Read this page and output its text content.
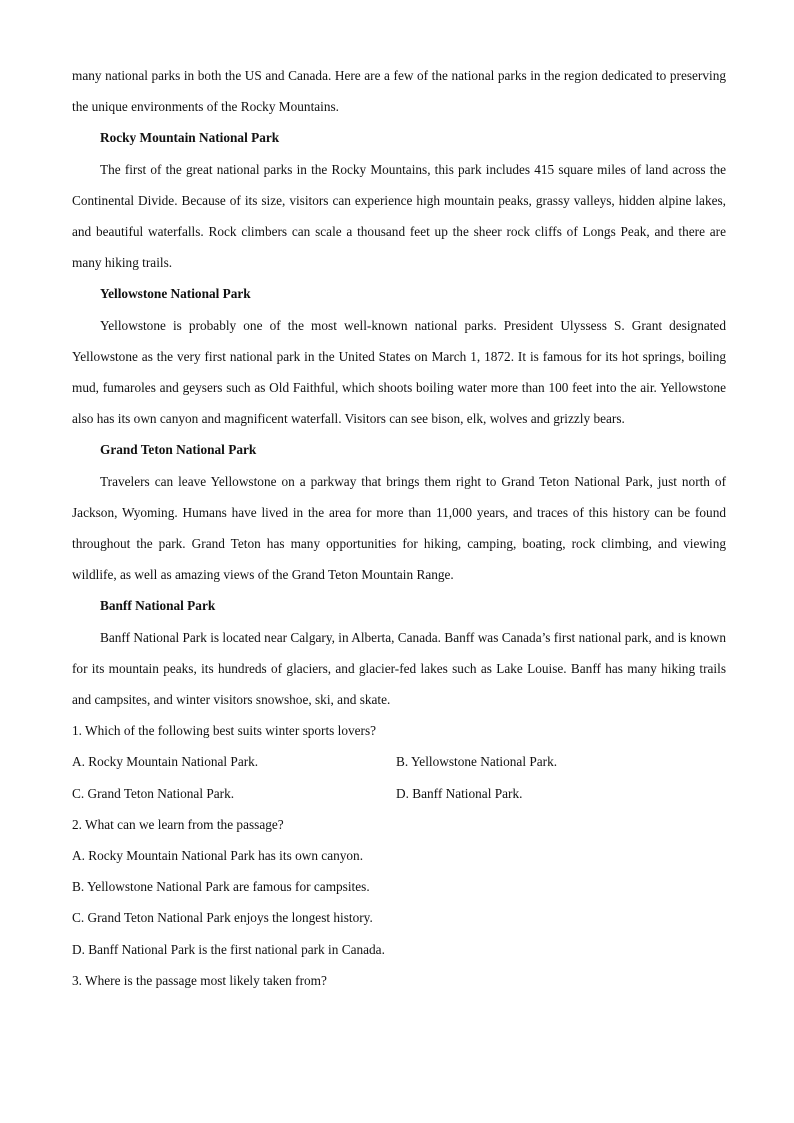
many national parks in both the US and Canada. Here are a few of the national parks in the region dedicated to preserving the unique environments of the Rocky Mountains.

Rocky Mountain National Park

The first of the great national parks in the Rocky Mountains, this park includes 415 square miles of land across the Continental Divide. Because of its size, visitors can experience high mountain peaks, grassy valleys, hidden alpine lakes, and beautiful waterfalls. Rock climbers can scale a thousand feet up the sheer rock cliffs of Longs Peak, and there are many hiking trails.

Yellowstone National Park

Yellowstone is probably one of the most well-known national parks. President Ulyssess S. Grant designated Yellowstone as the very first national park in the United States on March 1, 1872. It is famous for its hot springs, boiling mud, fumaroles and geysers such as Old Faithful, which shoots boiling water more than 100 feet into the air. Yellowstone also has its own canyon and magnificent waterfall. Visitors can see bison, elk, wolves and grizzly bears.

Grand Teton National Park

Travelers can leave Yellowstone on a parkway that brings them right to Grand Teton National Park, just north of Jackson, Wyoming. Humans have lived in the area for more than 11,000 years, and traces of this history can be found throughout the park. Grand Teton has many opportunities for hiking, camping, boating, rock climbing, and viewing wildlife, as well as amazing views of the Grand Teton Mountain Range.

Banff National Park

Banff National Park is located near Calgary, in Alberta, Canada. Banff was Canada’s first national park, and is known for its mountain peaks, its hundreds of glaciers, and glacier-fed lakes such as Lake Louise. Banff has many hiking trails and campsites, and winter visitors snowshoe, ski, and skate.

1. Which of the following best suits winter sports lovers?

A. Rocky Mountain National Park.	B. Yellowstone National Park.
C. Grand Teton National Park.	D. Banff National Park.

2. What can we learn from the passage?

A. Rocky Mountain National Park has its own canyon.

B. Yellowstone National Park are famous for campsites.

C. Grand Teton National Park enjoys the longest history.

D. Banff National Park is the first national park in Canada.

3. Where is the passage most likely taken from?
